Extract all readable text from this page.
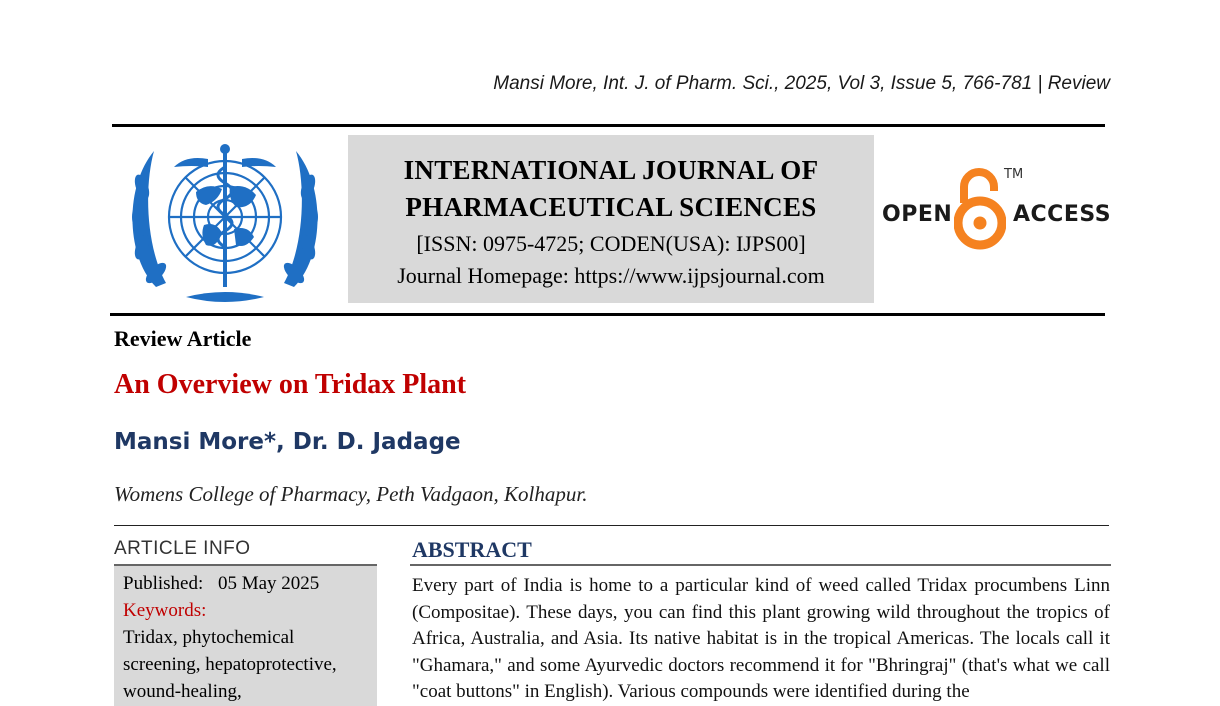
Mansi More, Int. J. of Pharm. Sci., 2025, Vol 3, Issue 5, 766-781 | Review
INTERNATIONAL JOURNAL OF
PHARMACEUTICAL SCIENCES
[ISSN: 0975-4725; CODEN(USA): IJPS00]
Journal Homepage: https://www.ijpsjournal.com
OPEN
TM
ACCESS
Review Article
An Overview on Tridax Plant
Mansi More*, Dr. D. Jadage
Womens College of Pharmacy, Peth Vadgaon, Kolhapur.
ARTICLE INFO
Published: 05 May 2025
Keywords:
Tridax, phytochemical screening, hepatoprotective, wound-healing,
ABSTRACT
Every part of India is home to a particular kind of weed called Tridax procumbens Linn (Compositae). These days, you can find this plant growing wild throughout the tropics of Africa, Australia, and Asia. Its native habitat is in the tropical Americas. The locals call it "Ghamara," and some Ayurvedic doctors recommend it for "Bhringraj" (that's what we call "coat buttons" in English). Various compounds were identified during the
